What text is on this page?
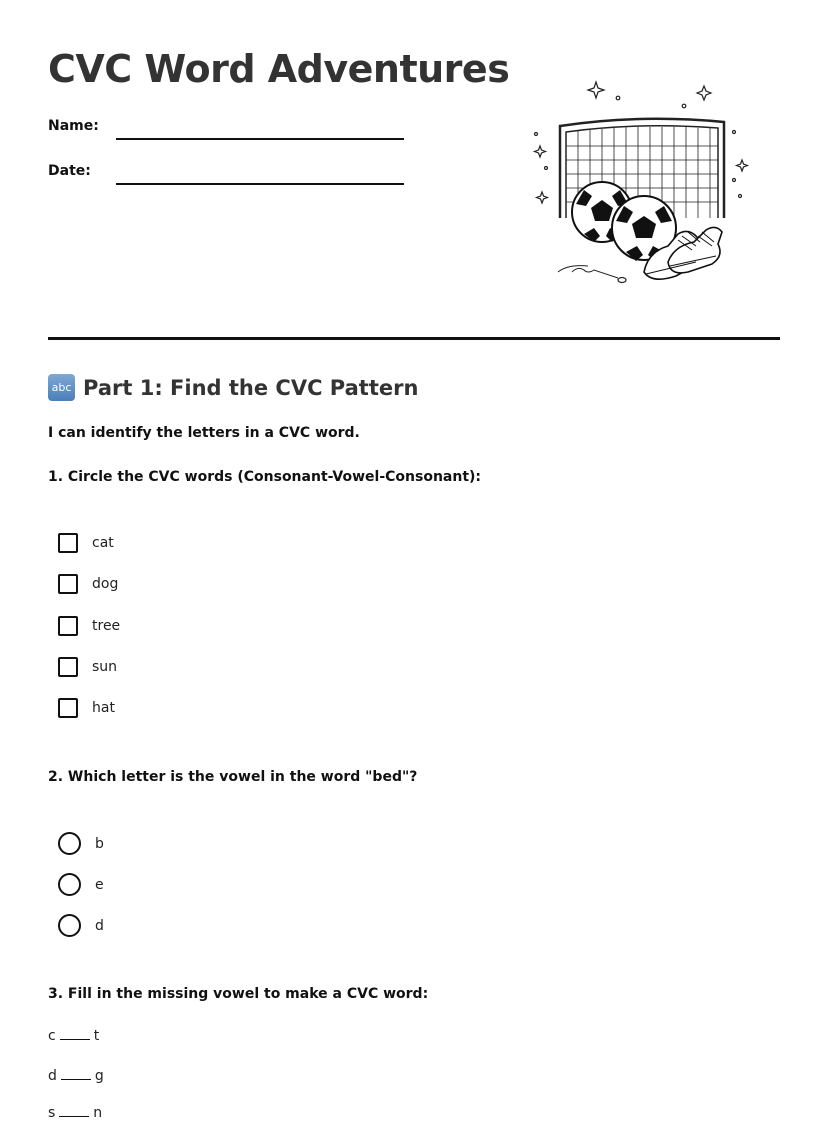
CVC Word Adventures
Name:
Date:
abc Part 1: Find the CVC Pattern
I can identify the letters in a CVC word.
1. Circle the CVC words (Consonant-Vowel-Consonant):
cat
dog
tree
sun
hat
2. Which letter is the vowel in the word "bed"?
b
e
d
3. Fill in the missing vowel to make a CVC word:
c	t
d	g
s	n
